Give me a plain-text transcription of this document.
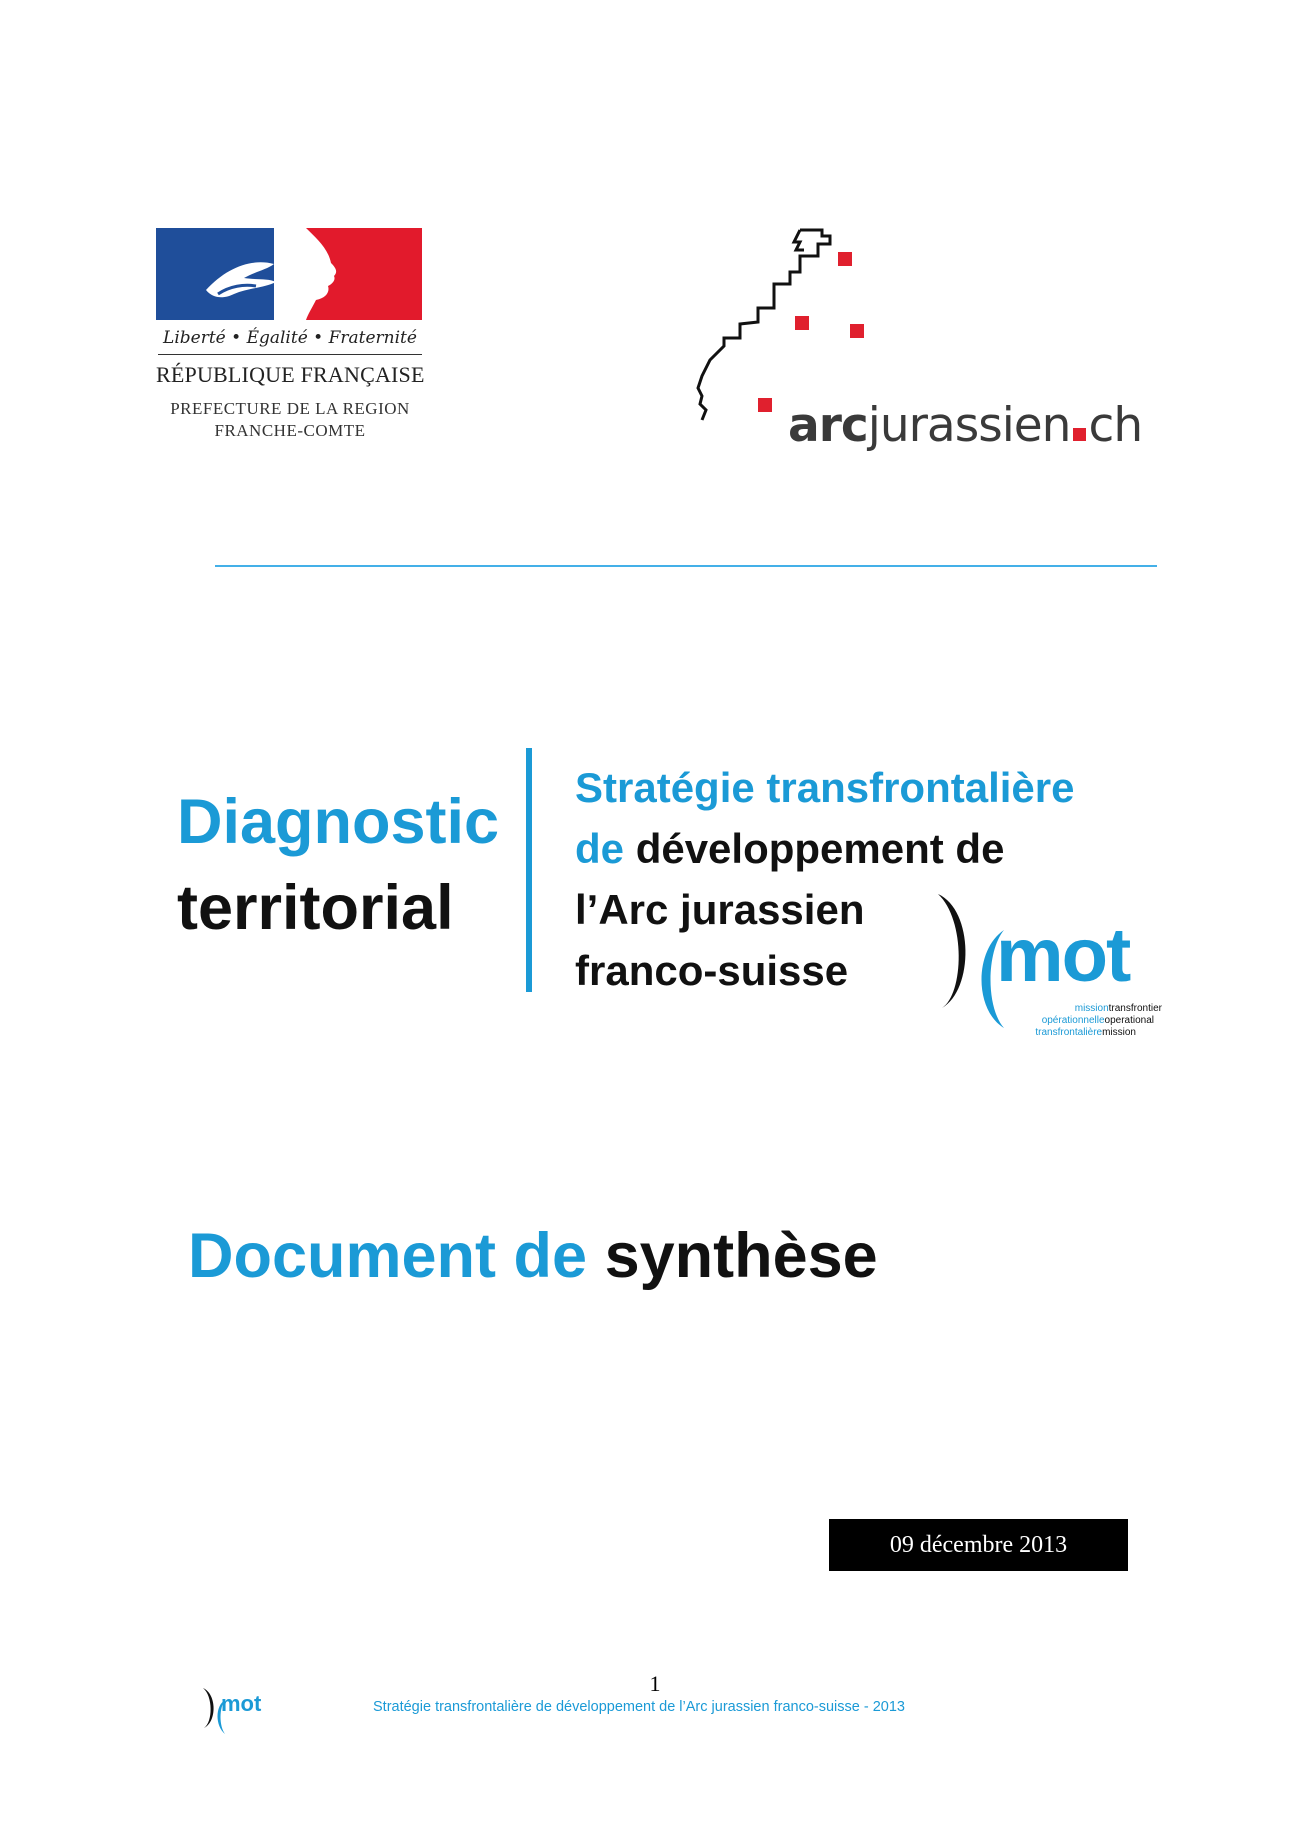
Liberté • Égalité • Fraternité
RÉPUBLIQUE FRANÇAISE
PREFECTURE DE LA REGION
FRANCHE-COMTE	arcjurassien ch
Diagnostic
territorial
Stratégie transfrontalière
de développement de
l’Arc jurassien
franco-suisse	mot
missiontransfrontier
opérationnelleoperational
transfrontalièremission
Document de synthèse
09 décembre 2013
1
mot	Stratégie transfrontalière de développement de l’Arc jurassien franco-suisse - 2013
